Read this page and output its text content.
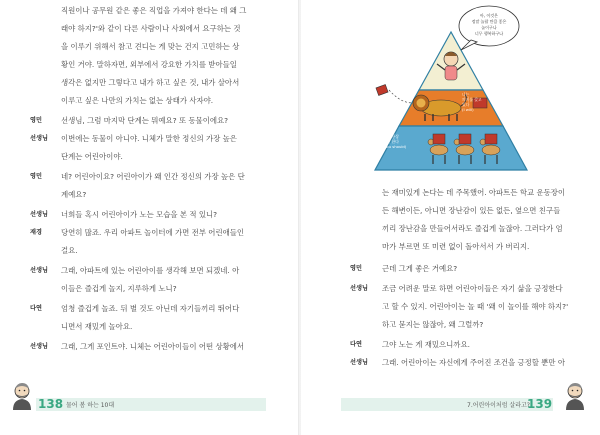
직원이나 공무원 같은 좋은 직업을 가져야 한다는 데 왜 그
래야 하지?'와 같이 다른 사람이나 사회에서 요구하는 것
을 이루기 위해서 참고 견디는 게 맞는 건지 고민하는 상
황인 거야. 말하자면, 외부에서 강요한 가치를 받아들일
생각은 없지만 그렇다고 내가 하고 싶은 것, 내가 살아서
이루고 싶은 나만의 가치는 없는 상태가 사자야.
영민	선생님, 그럼 마지막 단계는 뭐예요? 또 동물이에요?
선생님 이번에는 동물이 아니야. 니체가 말한 정신의 가장 높은
단계는 어린아이야.
영민	네? 어린아이요? 어린아이가 왜 인간 정신의 가장 높은 단
계예요?
선생님 너희들 혹시 어린아이가 노는 모습을 본 적 있니?
재경	당연히 많죠. 우리 아파트 놀이터에 가면 전부 어린애들인
걸요.
선생님 그래, 아파트에 있는 어린아이를 생각해 보면 되겠네. 아
이들은 즐겁게 놀지, 지루하게 노니?
다연	엄청 즐겁게 놀죠. 뒤 별 것도 아닌데 자기들끼리 뛰어다
니면서 재밌게 놀아요.
선생님 그래, 그게 포인트야. 니체는 어린아이들이 어떤 상황에서
138 물어 봄 하는 10대
나는
의지를 갖고
있다
(I will)
너는 항상
해야 한다
(You should)
아, 이것은
정말 놀랄 만큼 좋은
놀이구나
너무 행복하구나
는 재미있게 논다는 데 주목했어. 아파트든 학교 운동장이
든 해변이든, 아니면 장난감이 있든 없든, 옆으면 친구들
끼리 장난감을 만들어서라도 즐겁게 놀잖아. 그러다가 엄
마가 부르면 또 미련 없이 돌아서서 가 버리지.
영민	근데 그게 좋은 거예요?
선생님 조금 어려운 말로 하면 어린아이들은 자기 삶을 긍정한다
고 할 수 있지. 어린아이는 놀 때 '왜 이 놀이를 해야 하지?'
하고 묻지는 않잖아, 왜 그럴까?
다연	그야 노는 게 재밌으니까요.
선생님 그래. 어린아이는 자신에게 주어진 조건을 긍정할 뿐만 아
7.어린아이처럼 살라고?
139
